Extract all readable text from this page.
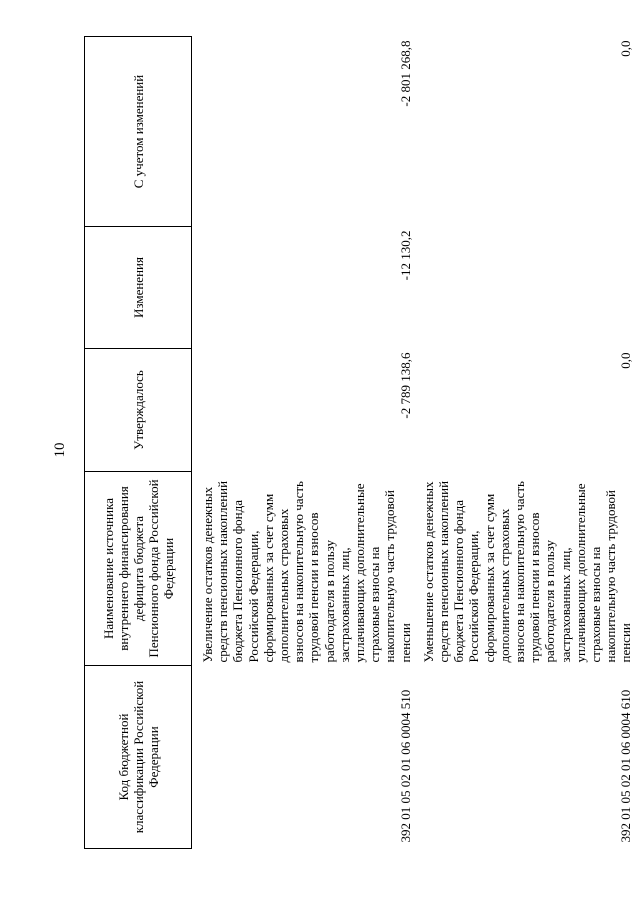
10
Код бюджетной классификации Российской Федерации	Наименование источника внутреннего финансирования дефицита бюджета Пенсионного фонда Российской Федерации	Утверждалось	Изменения	С учетом изменений
392 01 05 02 01 06 0004 510	Увеличение остатков денежных средств пенсионных накоплений бюджета Пенсионного фонда Российской Федерации, сформированных за счет сумм дополнительных страховых взносов на накопительную часть трудовой пенсии и взносов работодателя в пользу застрахованных лиц, уплачивающих дополнительные страховые взносы на накопительную часть трудовой пенсии	-2 789 138,6	-12 130,2	-2 801 268,8
392 01 05 02 01 06 0004 610	Уменьшение остатков денежных средств пенсионных накоплений бюджета Пенсионного фонда Российской Федерации, сформированных за счет сумм дополнительных страховых взносов на накопительную часть трудовой пенсии и взносов работодателя в пользу застрахованных лиц, уплачивающих дополнительные страховые взносы на накопительную часть трудовой пенсии	0,0		0,0
